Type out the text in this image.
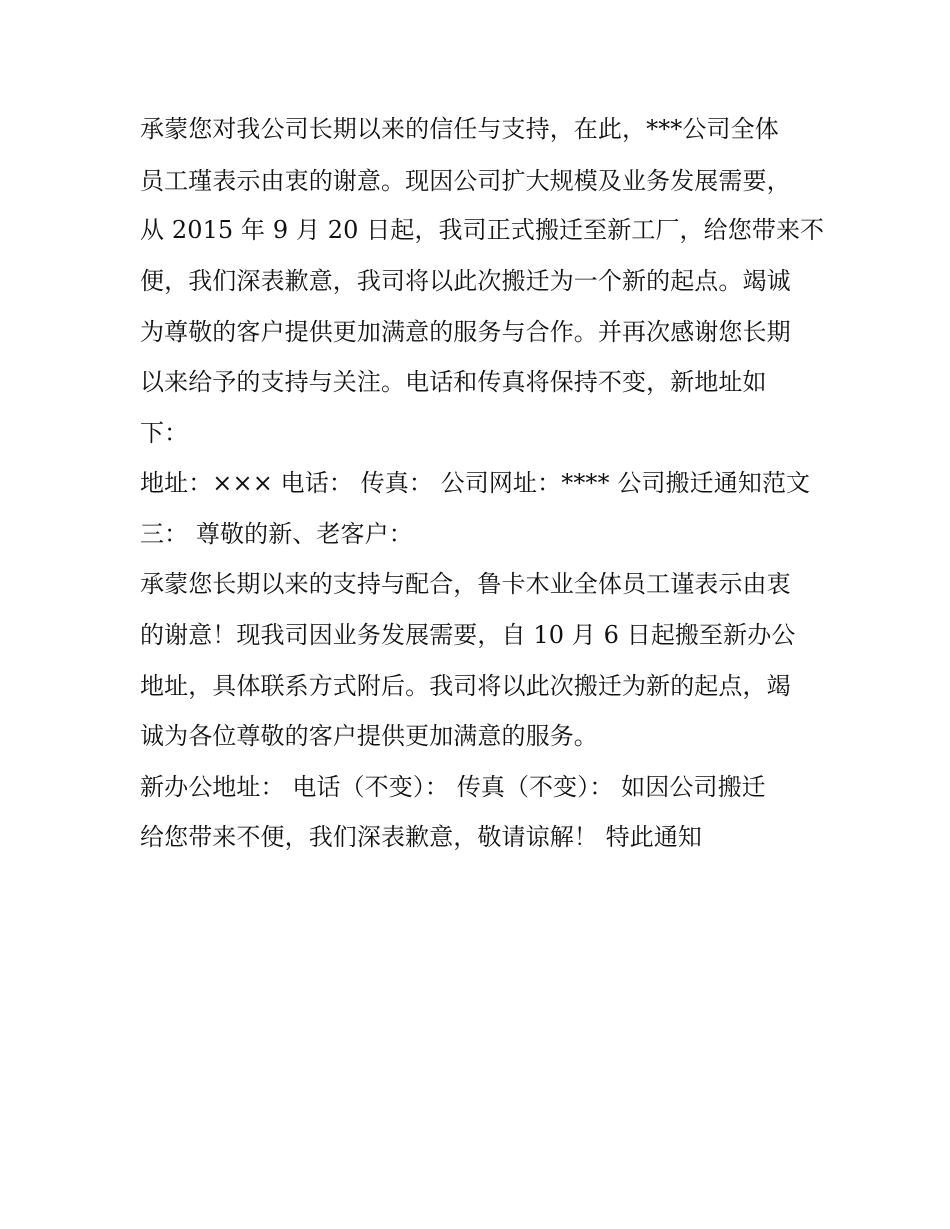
承蒙您对我公司长期以来的信任与支持，在此，***公司全体
员工瑾表示由衷的谢意。现因公司扩大规模及业务发展需要，
从 2015 年 9 月 20 日起，我司正式搬迁至新工厂，给您带来不
便，我们深表歉意，我司将以此次搬迁为一个新的起点。竭诚
为尊敬的客户提供更加满意的服务与合作。并再次感谢您长期
以来给予的支持与关注。电话和传真将保持不变，新地址如
下：
地址：××× 电话： 传真： 公司网址：**** 公司搬迁通知范文
三： 尊敬的新、老客户：
承蒙您长期以来的支持与配合，鲁卡木业全体员工谨表示由衷
的谢意！现我司因业务发展需要，自 10 月 6 日起搬至新办公
地址，具体联系方式附后。我司将以此次搬迁为新的起点，竭
诚为各位尊敬的客户提供更加满意的服务。
新办公地址： 电话（不变）： 传真（不变）： 如因公司搬迁
给您带来不便，我们深表歉意，敬请谅解！ 特此通知
